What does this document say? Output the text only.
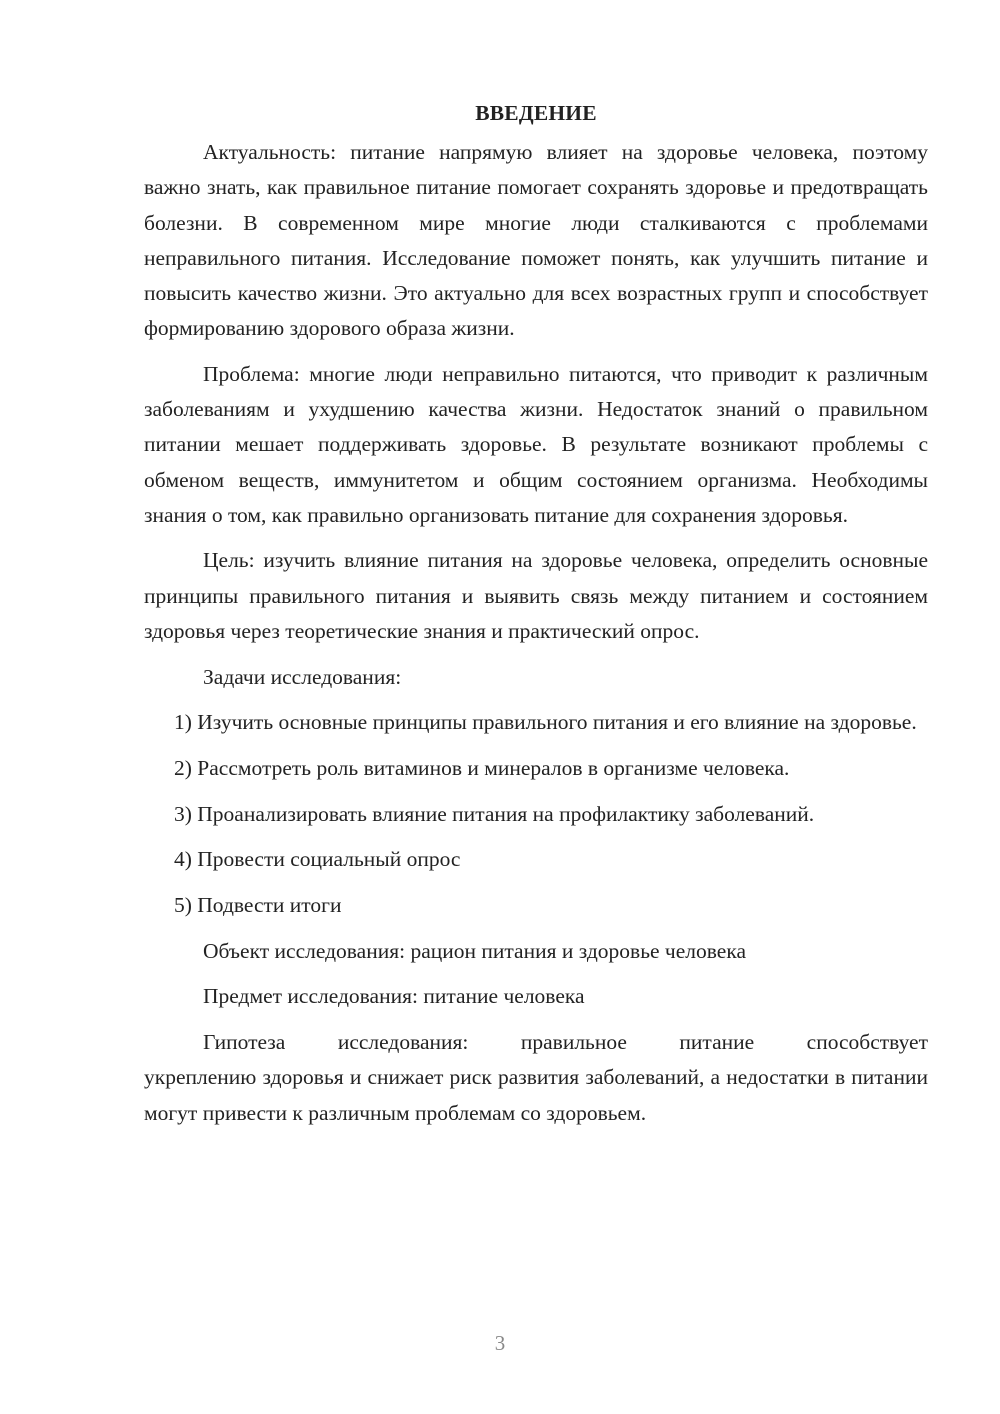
ВВЕДЕНИЕ

Актуальность: питание напрямую влияет на здоровье человека, поэтому важно знать, как правильное питание помогает сохранять здоровье и предотвращать болезни. В современном мире многие люди сталкиваются с проблемами неправильного питания. Исследование поможет понять, как улучшить питание и повысить качество жизни. Это актуально для всех возрастных групп и способствует формированию здорового образа жизни.

Проблема: многие люди неправильно питаются, что приводит к различным заболеваниям и ухудшению качества жизни. Недостаток знаний о правильном питании мешает поддерживать здоровье. В результате возникают проблемы с обменом веществ, иммунитетом и общим состоянием организма. Необходимы знания о том, как правильно организовать питание для сохранения здоровья.

Цель: изучить влияние питания на здоровье человека, определить основные принципы правильного питания и выявить связь между питанием и состоянием здоровья через теоретические знания и практический опрос.

Задачи исследования:

1) Изучить основные принципы правильного питания и его влияние на здоровье.

2) Рассмотреть роль витаминов и минералов в организме человека.

3) Проанализировать влияние питания на профилактику заболеваний.

4) Провести социальный опрос

5) Подвести итоги

Объект исследования: рацион питания и здоровье человека

Предмет исследования: питание человека

Гипотеза исследования: правильное питание способствует
укреплению здоровья и снижает риск развития заболеваний, а недостатки в питании могут привести к различным проблемам со здоровьем.

3
